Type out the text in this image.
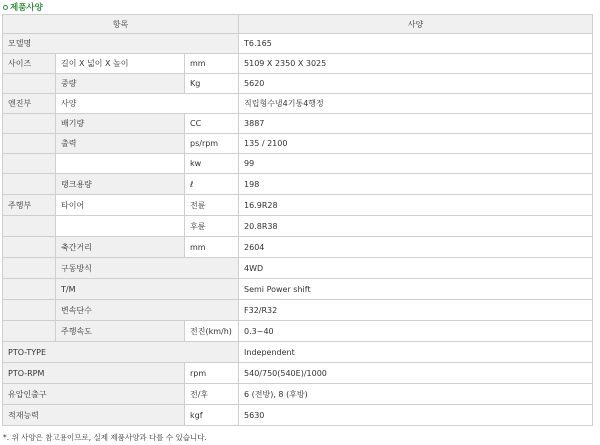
제품사양
항목			사양
모델명			T6.165
사이즈	길이 X 넓이 X 높이	mm	5109 X 2350 X 3025
	중량	Kg	5620
엔진부	사양		직립형수냉4기통4행정
	배기량	CC	3887
	출력	ps/rpm	135 / 2100
		kw	99
	탱크용량	ℓ	198
주행부	타이어	전륜	16.9R28
		후륜	20.8R38
	축간거리	mm	2604
	구동방식		4WD
	T/M		Semi Power shift
	변속단수		F32/R32
	주행속도	전진(km/h)	0.3~40
PTO-TYPE			Independent
PTO-RPM		rpm	540/750(540E)/1000
유압인출구		전/후	6 (전방), 8 (후방)
적재능력		kgf	5630
*. 위 사양은 참고용이므로, 실제 제품사양과 다를 수 있습니다.
